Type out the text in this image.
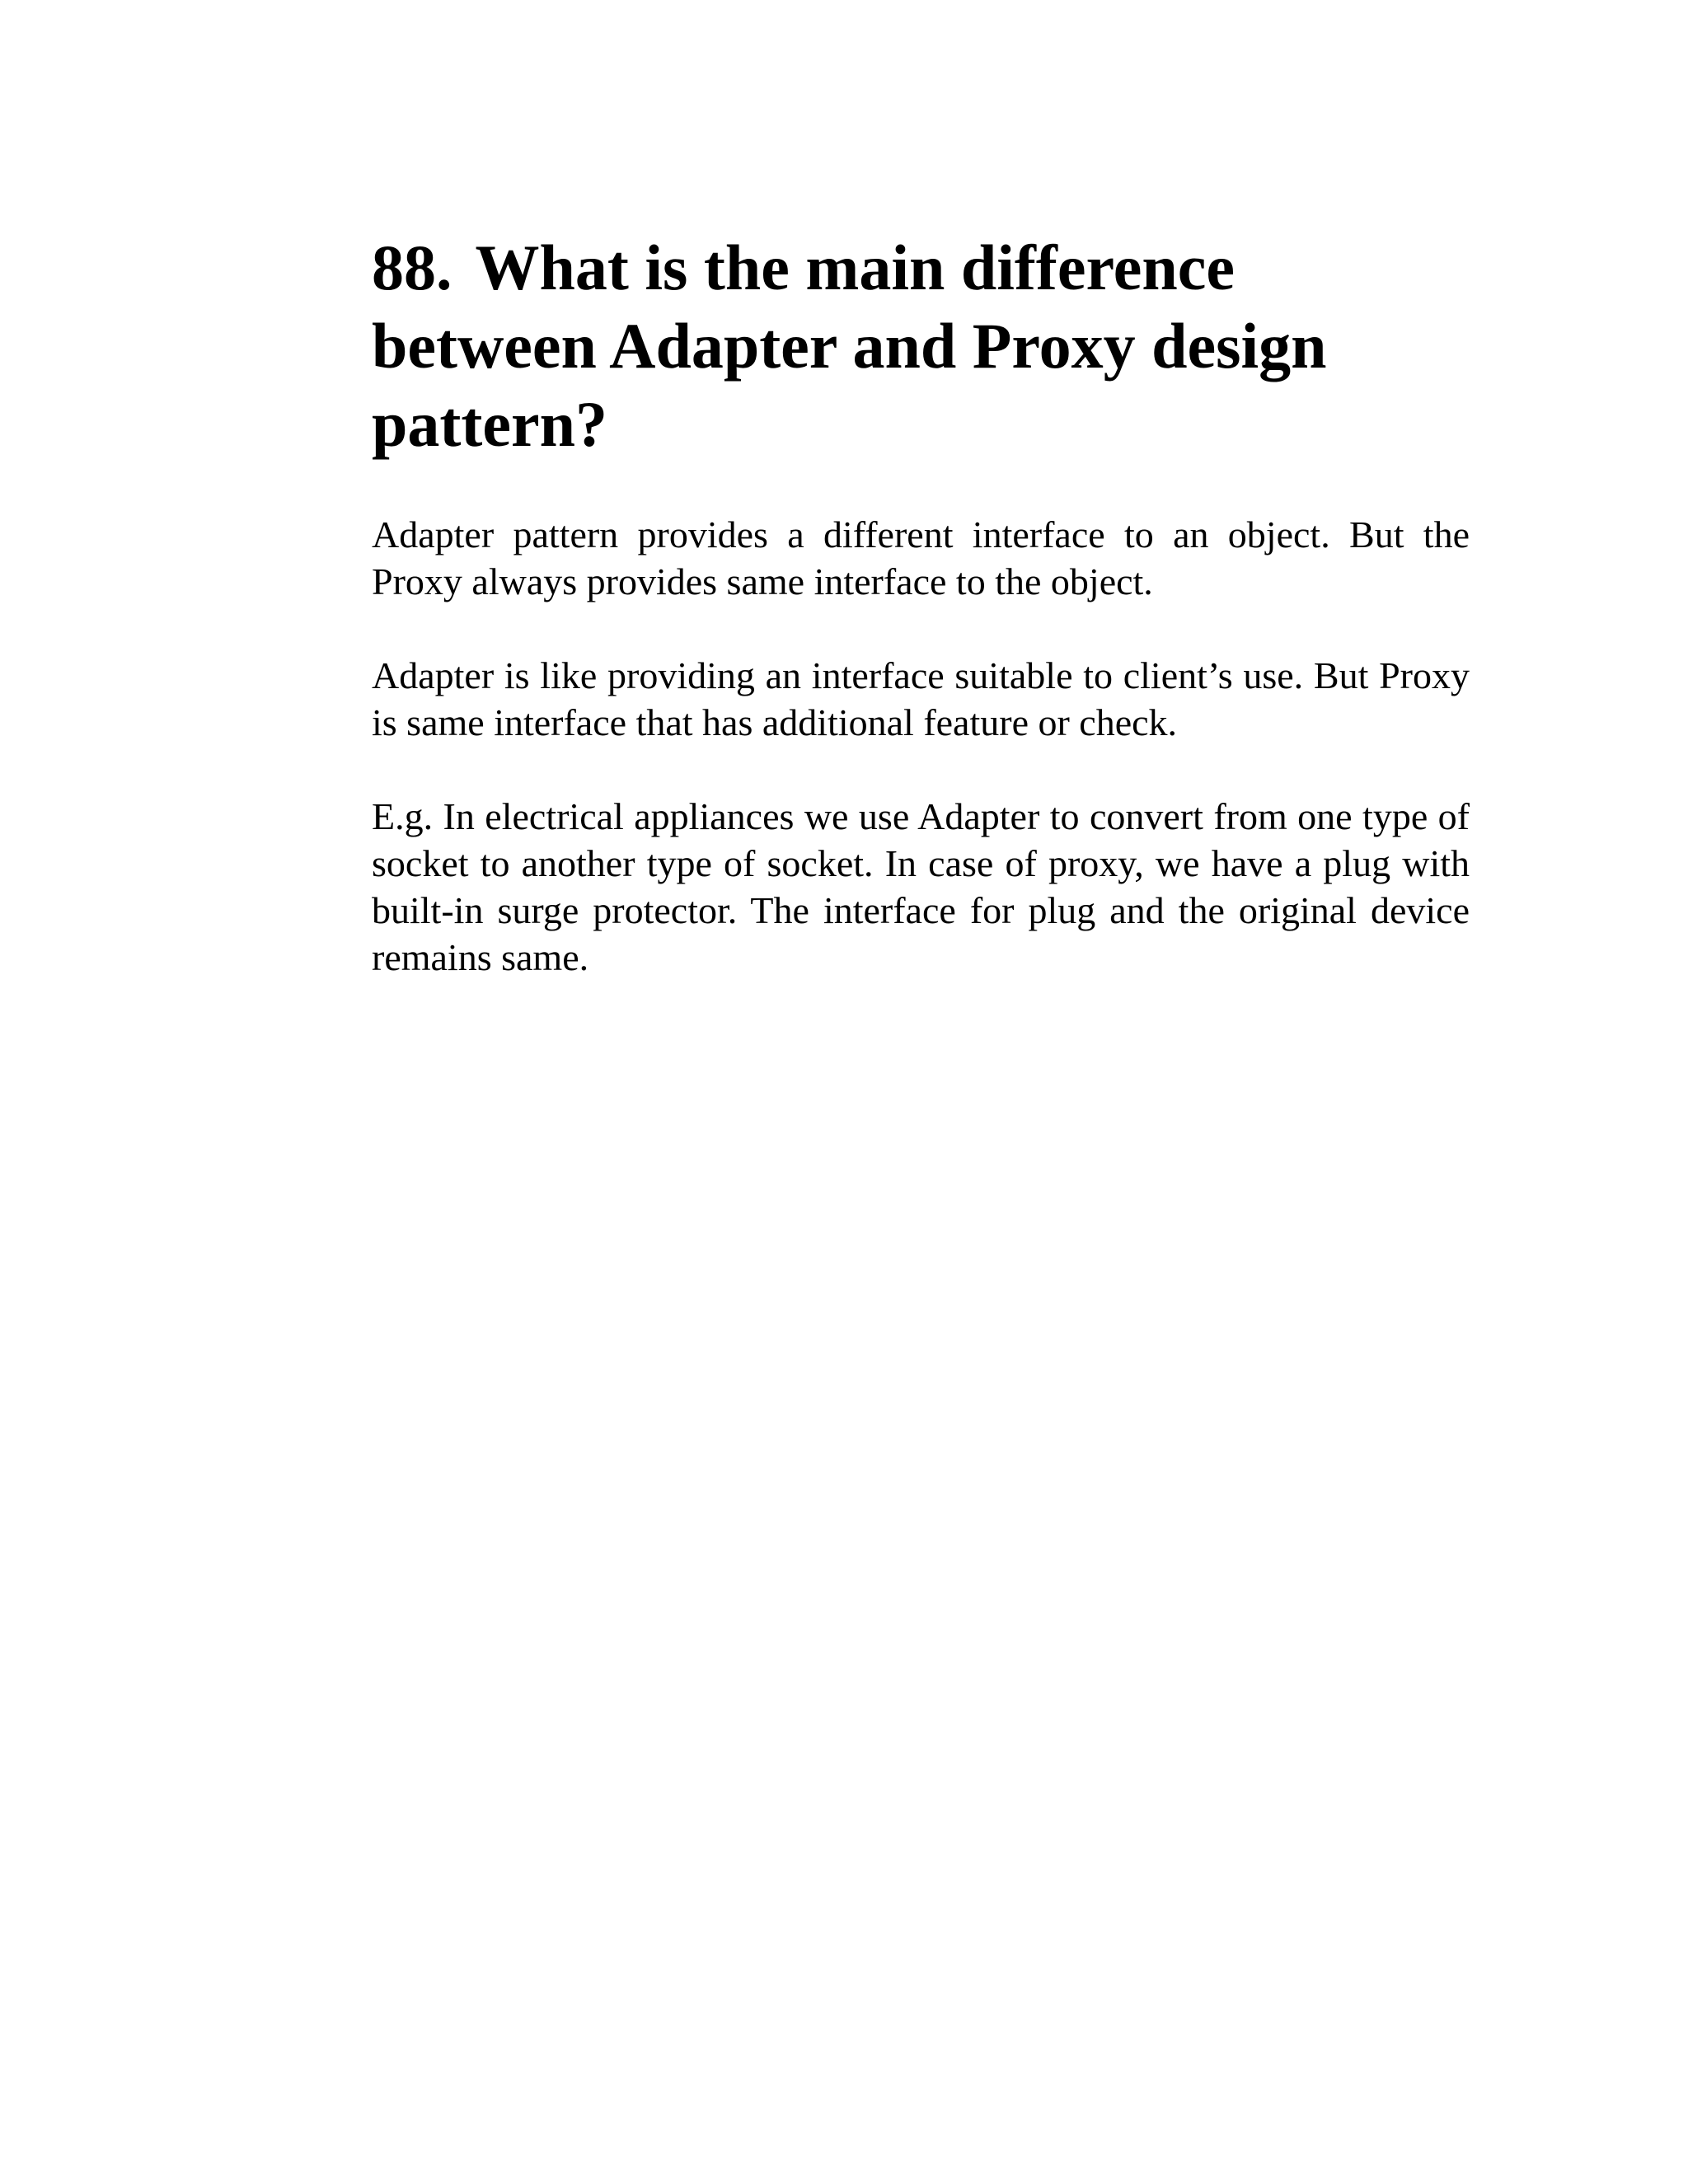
88. What is the main difference between Adapter and Proxy design pattern?

Adapter pattern provides a different interface to an object. But the Proxy always provides same interface to the object.

Adapter is like providing an interface suitable to client’s use. But Proxy is same interface that has additional feature or check.

E.g. In electrical appliances we use Adapter to convert from one type of socket to another type of socket. In case of proxy, we have a plug with built-in surge protector. The interface for plug and the original device remains same.
